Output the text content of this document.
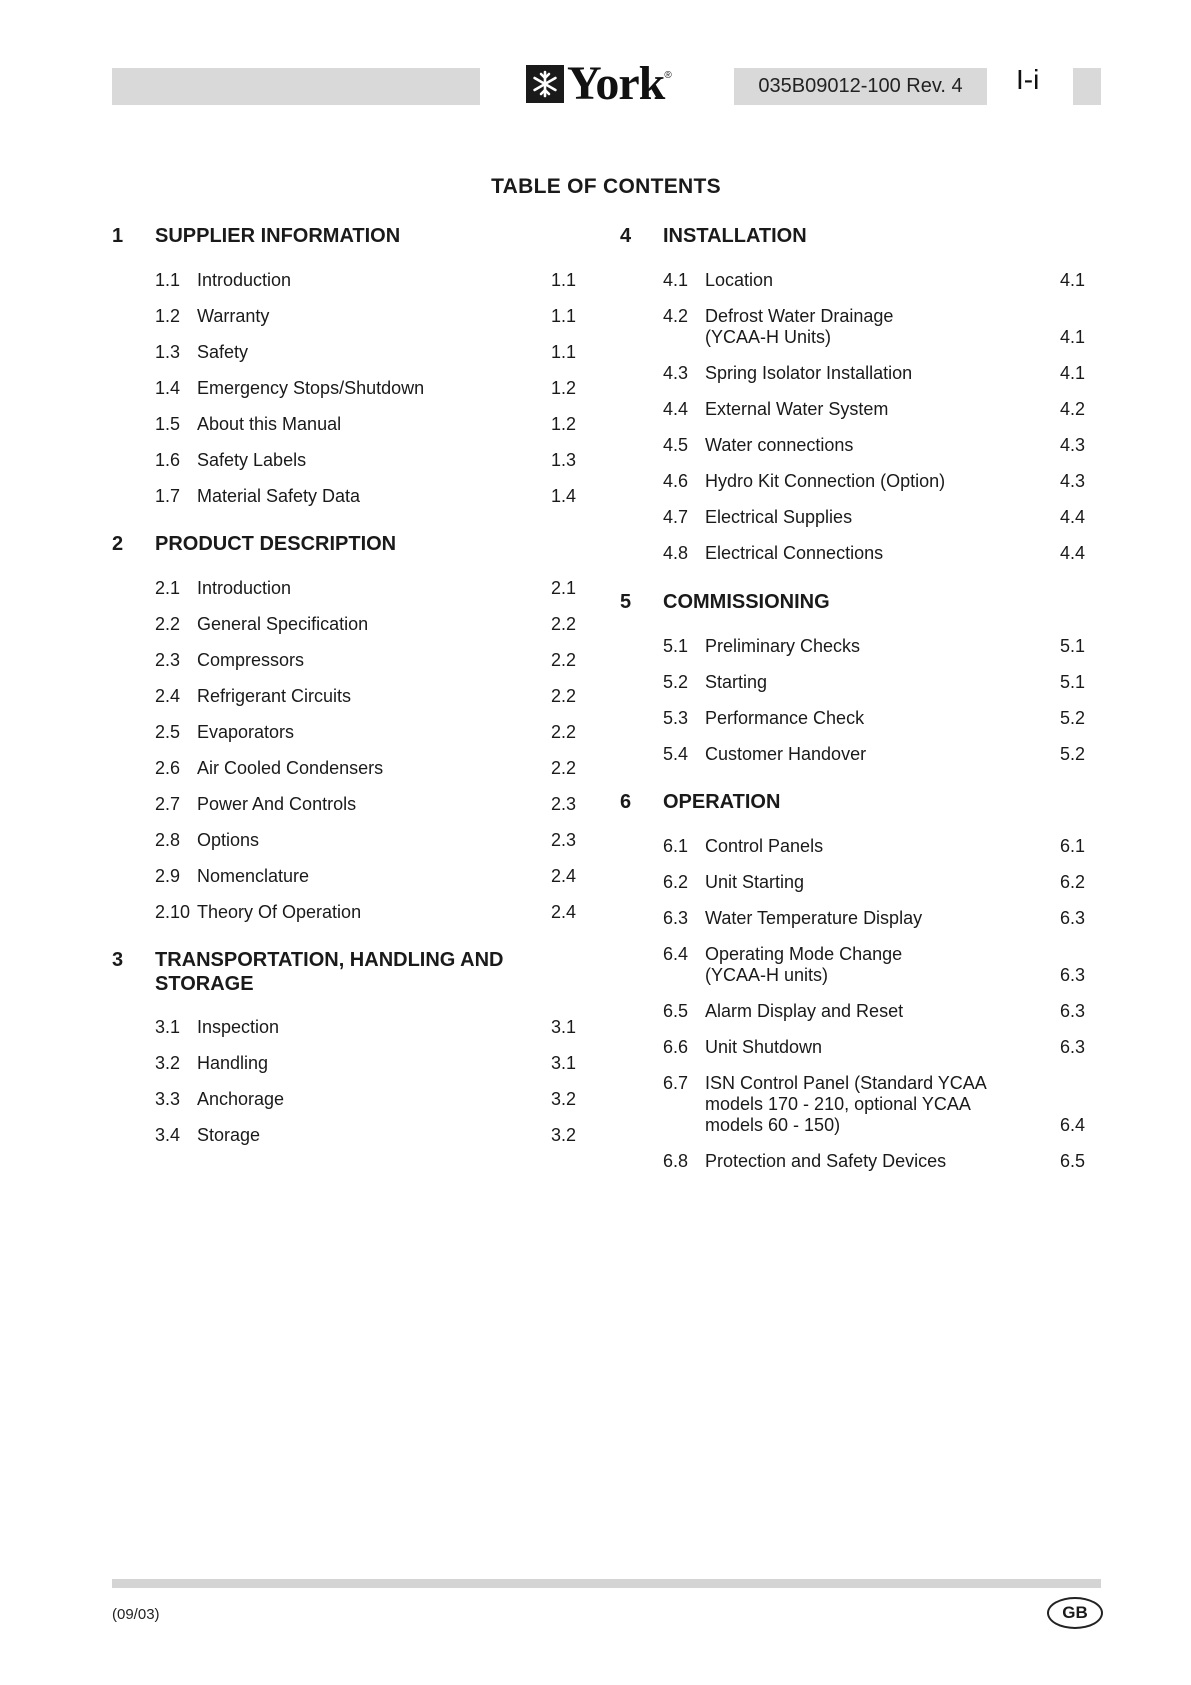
York ®	035B09012-100 Rev. 4	I-i
TABLE OF CONTENTS
1 SUPPLIER INFORMATION
1.1 Introduction	1.1
1.2 Warranty	1.1
1.3 Safety	1.1
1.4 Emergency Stops/Shutdown	1.2
1.5 About this Manual	1.2
1.6 Safety Labels	1.3
1.7 Material Safety Data	1.4
2 PRODUCT DESCRIPTION
2.1 Introduction	2.1
2.2 General Specification	2.2
2.3 Compressors	2.2
2.4 Refrigerant Circuits	2.2
2.5 Evaporators	2.2
2.6 Air Cooled Condensers	2.2
2.7 Power And Controls	2.3
2.8 Options	2.3
2.9 Nomenclature	2.4
2.10 Theory Of Operation	2.4
3 TRANSPORTATION, HANDLING AND STORAGE
3.1 Inspection	3.1
3.2 Handling	3.1
3.3 Anchorage	3.2
3.4 Storage	3.2
4 INSTALLATION
4.1 Location	4.1
4.2 Defrost Water Drainage
(YCAA-H Units)	4.1
4.3 Spring Isolator Installation	4.1
4.4 External Water System	4.2
4.5 Water connections	4.3
4.6 Hydro Kit Connection (Option)	4.3
4.7 Electrical Supplies	4.4
4.8 Electrical Connections	4.4
5 COMMISSIONING
5.1 Preliminary Checks	5.1
5.2 Starting	5.1
5.3 Performance Check	5.2
5.4 Customer Handover	5.2
6 OPERATION
6.1 Control Panels	6.1
6.2 Unit Starting	6.2
6.3 Water Temperature Display	6.3
6.4 Operating Mode Change
(YCAA-H units)	6.3
6.5 Alarm Display and Reset	6.3
6.6 Unit Shutdown	6.3
6.7 ISN Control Panel (Standard YCAA
models 170 - 210, optional YCAA
models 60 - 150)	6.4
6.8 Protection and Safety Devices	6.5
(09/03)	GB
